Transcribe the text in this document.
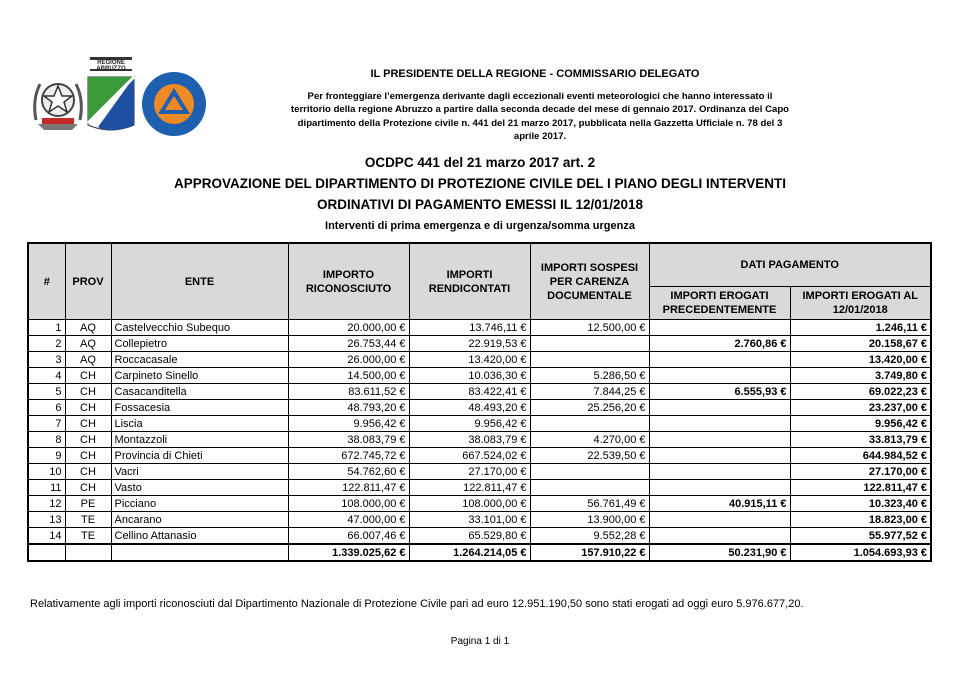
REGIONE ABRUZZO	IL PRESIDENTE DELLA REGIONE - COMMISSARIO DELEGATO
Per fronteggiare l’emergenza derivante dagli eccezionali eventi meteorologici che hanno interessato il territorio della regione Abruzzo a partire dalla seconda decade del mese di gennaio 2017. Ordinanza del Capo dipartimento della Protezione civile n. 441 del 21 marzo 2017, pubblicata nella Gazzetta Ufficiale n. 78 del 3 aprile 2017.
OCDPC 441 del 21 marzo 2017 art. 2
APPROVAZIONE DEL DIPARTIMENTO DI PROTEZIONE CIVILE DEL I PIANO DEGLI INTERVENTI
ORDINATIVI DI PAGAMENTO EMESSI IL 12/01/2018
Interventi di prima emergenza e di urgenza/somma urgenza
#	PROV	ENTE	IMPORTO RICONOSCIUTO	IMPORTI RENDICONTATI	IMPORTI SOSPESI PER CARENZA DOCUMENTALE	DATI PAGAMENTO	
						IMPORTI EROGATI PRECEDENTEMENTE	IMPORTI EROGATI AL 12/01/2018
1	AQ	Castelvecchio Subequo	20.000,00 €	13.746,11 €	12.500,00 €		1.246,11 €
2	AQ	Collepietro	26.753,44 €	22.919,53 €		2.760,86 €	20.158,67 €
3	AQ	Roccacasale	26.000,00 €	13.420,00 €			13.420,00 €
4	CH	Carpineto Sinello	14.500,00 €	10.036,30 €	5.286,50 €		3.749,80 €
5	CH	Casacanditella	83.611,52 €	83.422,41 €	7.844,25 €	6.555,93 €	69.022,23 €
6	CH	Fossacesia	48.793,20 €	48.493,20 €	25.256,20 €		23.237,00 €
7	CH	Liscia	9.956,42 €	9.956,42 €			9.956,42 €
8	CH	Montazzoli	38.083,79 €	38.083,79 €	4.270,00 €		33.813,79 €
9	CH	Provincia di Chieti	672.745,72 €	667.524,02 €	22.539,50 €		644.984,52 €
10	CH	Vacri	54.762,60 €	27.170,00 €			27.170,00 €
11	CH	Vasto	122.811,47 €	122.811,47 €			122.811,47 €
12	PE	Picciano	108.000,00 €	108.000,00 €	56.761,49 €	40.915,11 €	10.323,40 €
13	TE	Ancarano	47.000,00 €	33.101,00 €	13.900,00 €		18.823,00 €
14	TE	Cellino Attanasio	66.007,46 €	65.529,80 €	9.552,28 €		55.977,52 €
			1.339.025,62 €	1.264.214,05 €	157.910,22 €	50.231,90 €	1.054.693,93 €
Relativamente agli importi riconosciuti dal Dipartimento Nazionale di Protezione Civile pari ad euro 12.951.190,50 sono stati erogati ad oggi euro 5.976.677,20.
Pagina 1 di 1
